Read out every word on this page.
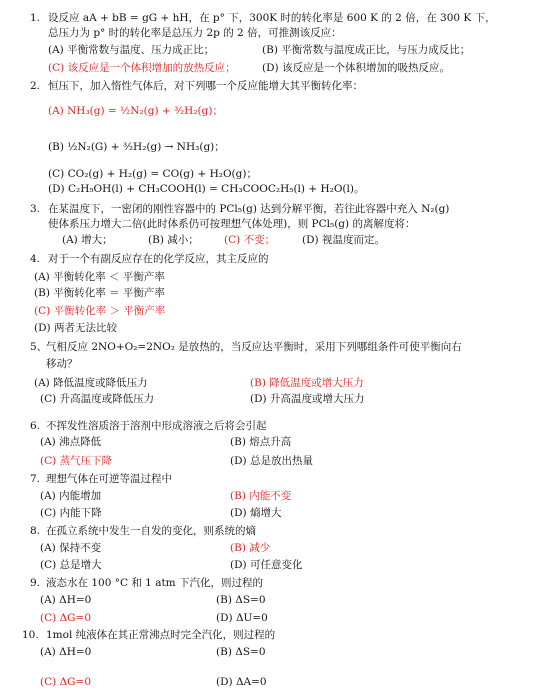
1. 设反应 aA + bB = gG + hH，在 p° 下，300K 时的转化率是 600 K 的 2 倍，在 300 K 下，
总压力为 p° 时的转化率是总压力 2p 的 2 倍，可推测该反应：
(A) 平衡常数与温度、压力成正比；	(B) 平衡常数与温度成正比，与压力成反比；
(C) 该反应是一个体积增加的放热反应；	(D) 该反应是一个体积增加的吸热反应。
2. 恒压下，加入惰性气体后，对下列哪一个反应能增大其平衡转化率：
(A) NH₃(g) = ½N₂(g) + ³⁄₂H₂(g)；
(B) ½N₂(G) + ³⁄₂H₂(g) → NH₃(g)；
(C) CO₂(g) + H₂(g) = CO(g) + H₂O(g)；
(D) C₂H₅OH(l) + CH₃COOH(l) = CH₃COOC₂H₅(l) + H₂O(l)。
3. 在某温度下，一密闭的刚性容器中的 PCl₅(g) 达到分解平衡，若往此容器中充入 N₂(g)
使体系压力增大二倍(此时体系仍可按理想气体处理)，则 PCl₅(g) 的离解度将：
(A) 增大；	(B) 减小； (C) 不变；	(D) 视温度而定。
4. 对于一个有副反应存在的化学反应，其主反应的
(A) 平衡转化率 ＜ 平衡产率
(B) 平衡转化率 ＝ 平衡产率
(C) 平衡转化率 ＞ 平衡产率
(D) 两者无法比较
5、
气相反应 2NO+O₂=2NO₂ 是放热的，当反应达平衡时，采用下列哪组条件可使平衡向右
移动？
(A) 降低温度或降低压力	(B) 降低温度或增大压力
(C) 升高温度或降低压力	(D) 升高温度或增大压力
6. 不挥发性溶质溶于溶剂中形成溶液之后将会引起
(A) 沸点降低	(B) 熔点升高
(C) 蒸气压下降	(D) 总是放出热量
7. 理想气体在可逆等温过程中
(A) 内能增加	(B) 内能不变
(C) 内能下降	(D) 熵增大
8. 在孤立系统中发生一自发的变化，则系统的熵
(A) 保持不变	(B) 减少
(C) 总是增大	(D) 可任意变化
9. 液态水在 100 °C 和 1 atm 下汽化，则过程的
(A) ΔH=0	(B) ΔS=0
(C) ΔG=0	(D) ΔU=0
10. 1mol 纯液体在其正常沸点时完全汽化，则过程的
(A) ΔH=0	(B) ΔS=0
(C) ΔG=0	(D) ΔA=0
